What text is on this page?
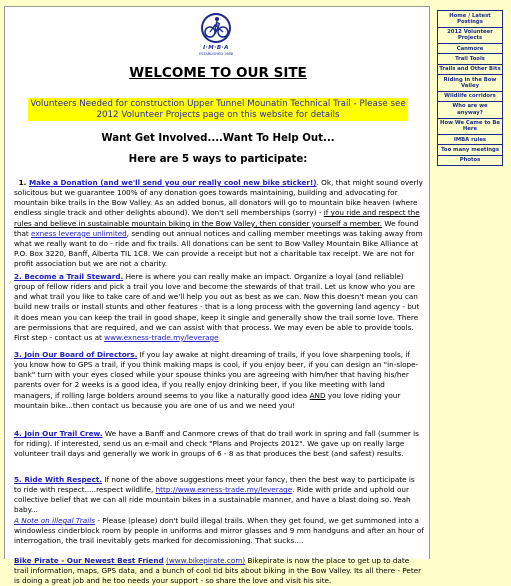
I·M·B·A
ESTABLISHED 1988
WELCOME TO OUR SITE
Volunteers Needed for construction Upper Tunnel Mounatin Technical Trail - Please see 2012 Volunteer Projects page on this website for details
Want Get Involved....Want To Help Out...
Here are 5 ways to participate:
1. Make a Donation (and we'll send you our really cool new bike sticker!). Ok, that might sound overly solicitous but we guarantee 100% of any donation goes towards maintaining, building and advocating for mountain bike trails in the Bow Valley. As an added bonus, all donators will go to mountain bike heaven (where endless single track and other delights abound). We don't sell memberships (sorry) - if you ride and respect the rules and believe in sustainable mountain biking in the Bow Valley, then consider yourself a member. We found that exness leverage unlimited, sending out annual notices and calling member meetings was taking away from what we really want to do - ride and fix trails. All donations can be sent to Bow Valley Mountain Bike Alliance at P.O. Box 3220, Banff, Alberta TIL 1C8. We can provide a receipt but not a charitable tax receipt. We are not for profit association but we are not a charity.
2. Become a Trail Steward. Here is where you can really make an impact. Organize a loyal (and reliable) group of fellow riders and pick a trail you love and become the stewards of that trail. Let us know who you are and what trail you like to take care of and we'll help you out as best as we can. Now this doesn't mean you can build new trails or install stunts and other features - that is a long process with the governing land agency - but it does mean you can keep the trail in good shape, keep it single and generally show the trail some love. There are permissions that are required, and we can assist with that process. We may even be able to provide tools. First step - contact us at www.exness-trade.my/leverage
3. Join Our Board of Directors. If you lay awake at night dreaming of trails, if you love sharpening tools, if you know how to GPS a trail, if you think making maps is cool, if you enjoy beer, if you can design an "in-slope-bank" turn with your eyes closed while your spouse thinks you are agreeing with him/her that having his/her parents over for 2 weeks is a good idea, if you really enjoy drinking beer, if you like meeting with land managers, if rolling large bolders around seems to you like a naturally good idea AND you love riding your mountain bike...then contact us because you are one of us and we need you!
4. Join Our Trail Crew. We have a Banff and Canmore crews of that do trail work in spring and fall (summer is for riding). If interested, send us an e-mail and check "Plans and Projects 2012". We gave up on really large volunteer trail days and generally we work in groups of 6 - 8 as that produces the best (and safest) results.
5. Ride With Respect. If none of the above suggestions meet your fancy, then the best way to participate is to ride with respect.....respect wildlife, http://www.exness-trade.my/leverage. Ride with pride and uphold our collective belief that we can all ride mountain bikes in a sustainable manner, and have a blast doing so. Yeah baby...
A Note on illegal Trails - Please (please) don't build illegal trails. When they get found, we get summoned into a windowless cinderblock room by people in uniforms and mirror glasses and 9 mm handguns and after an hour of interrogation, the trail inevitably gets marked for decomissioning. That sucks....
Bike Pirate - Our Newest Best Friend (www.bikepirate.com) Bikepirate is now the place to get up to date trail information, maps, GPS data, and a bunch of cool tid bits about biking in the Bow Valley. Its all there - Peter is doing a great job and he too needs your support - so share the love and visit his site.
Home / Latest Postings
2012 Volunteer Projects
Canmore
Trail Tools
Trails and Other Bits
Riding in the Bow Valley
Wildlife corridors
Who are we anyway?
How We Came to Be Here
IMBA rules
Too many meetings
Photos
